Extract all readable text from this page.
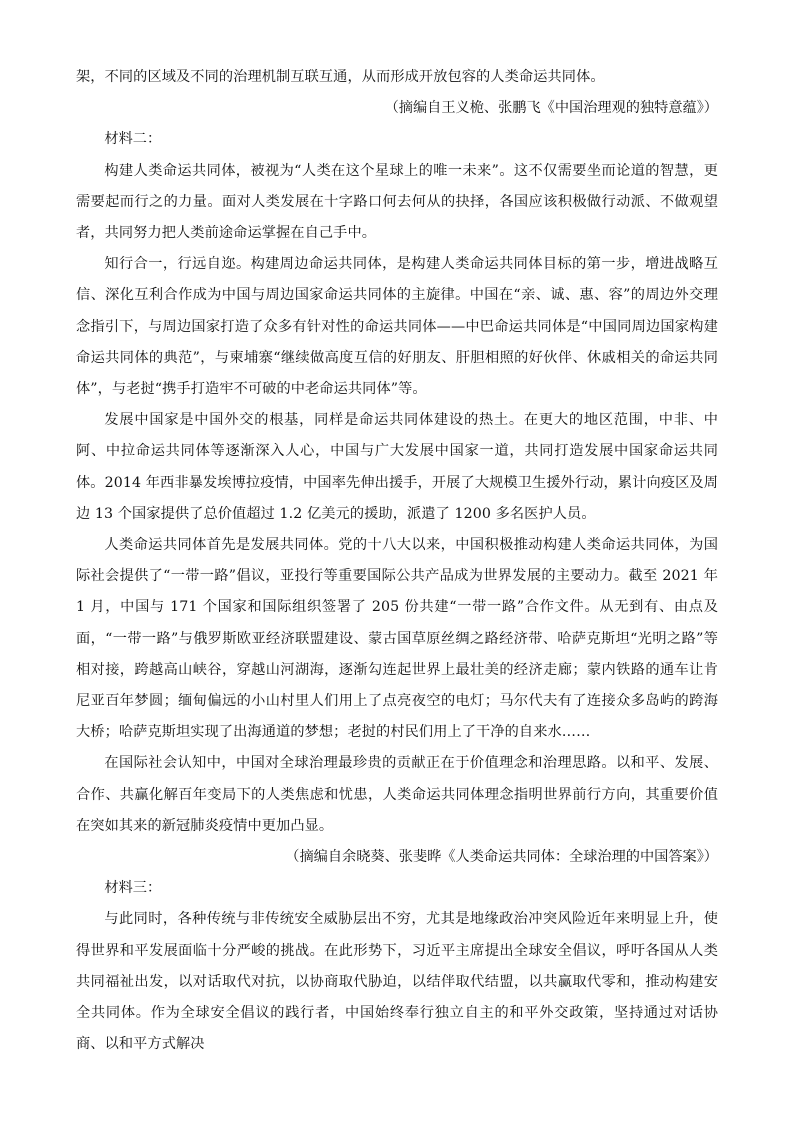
架，不同的区域及不同的治理机制互联互通，从而形成开放包容的人类命运共同体。

（摘编自王义桅、张鹏飞《中国治理观的独特意蕴》）

材料二：

构建人类命运共同体，被视为“人类在这个星球上的唯一未来”。这不仅需要坐而论道的智慧，更需要起而行之的力量。面对人类发展在十字路口何去何从的抉择，各国应该积极做行动派、不做观望者，共同努力把人类前途命运掌握在自己手中。

知行合一，行远自迩。构建周边命运共同体，是构建人类命运共同体目标的第一步，增进战略互信、深化互利合作成为中国与周边国家命运共同体的主旋律。中国在“亲、诚、惠、容”的周边外交理念指引下，与周边国家打造了众多有针对性的命运共同体——中巴命运共同体是“中国同周边国家构建命运共同体的典范”，与柬埔寨“继续做高度互信的好朋友、肝胆相照的好伙伴、休戚相关的命运共同体”，与老挝“携手打造牢不可破的中老命运共同体”等。

发展中国家是中国外交的根基，同样是命运共同体建设的热土。在更大的地区范围，中非、中阿、中拉命运共同体等逐渐深入人心，中国与广大发展中国家一道，共同打造发展中国家命运共同体。2014 年西非暴发埃博拉疫情，中国率先伸出援手，开展了大规模卫生援外行动，累计向疫区及周边 13 个国家提供了总价值超过 1.2 亿美元的援助，派遣了 1200 多名医护人员。

人类命运共同体首先是发展共同体。党的十八大以来，中国积极推动构建人类命运共同体，为国际社会提供了“一带一路”倡议，亚投行等重要国际公共产品成为世界发展的主要动力。截至 2021 年 1 月，中国与 171 个国家和国际组织签署了 205 份共建“一带一路”合作文件。从无到有、由点及面，“一带一路”与俄罗斯欧亚经济联盟建设、蒙古国草原丝绸之路经济带、哈萨克斯坦“光明之路”等相对接，跨越高山峡谷，穿越山河湖海，逐渐勾连起世界上最壮美的经济走廊；蒙内铁路的通车让肯尼亚百年梦圆；缅甸偏远的小山村里人们用上了点亮夜空的电灯；马尔代夫有了连接众多岛屿的跨海大桥；哈萨克斯坦实现了出海通道的梦想；老挝的村民们用上了干净的自来水……

在国际社会认知中，中国对全球治理最珍贵的贡献正在于价值理念和治理思路。以和平、发展、合作、共赢化解百年变局下的人类焦虑和忧患，人类命运共同体理念指明世界前行方向，其重要价值在突如其来的新冠肺炎疫情中更加凸显。

（摘编自余晓葵、张斐晔《人类命运共同体：全球治理的中国答案》）

材料三：

与此同时，各种传统与非传统安全威胁层出不穷，尤其是地缘政治冲突风险近年来明显上升，使得世界和平发展面临十分严峻的挑战。在此形势下，习近平主席提出全球安全倡议，呼吁各国从人类共同福祉出发，以对话取代对抗，以协商取代胁迫，以结伴取代结盟，以共赢取代零和，推动构建安全共同体。作为全球安全倡议的践行者，中国始终奉行独立自主的和平外交政策，坚持通过对话协商、以和平方式解决
